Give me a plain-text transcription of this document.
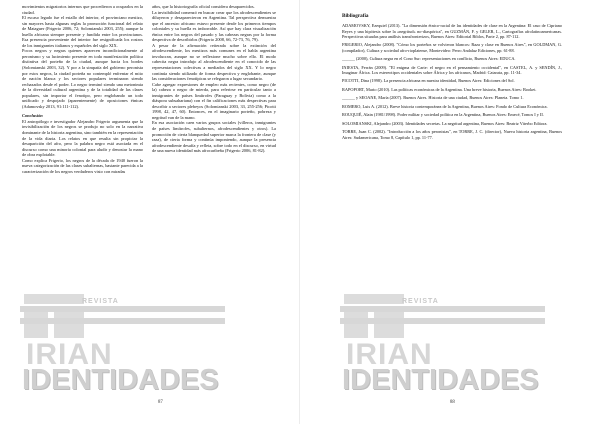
REVISTA
IRIAN
IDENTIDADES

movimientos migratorios internos que procedieron a ocuparlos en la ciudad.

El escaso legado fue el estallo del interior, el provinciano mestizo, sin mayores hasta algunas reglas la promoción funcional del relato de Mataguer (Frigerio 2006, 72; Solomianski 2003, 255); aunque la huella africana siempre presente y fundida entre los provincianos. Esa presencia proveniente del interior fue resignificada los rostros de los inmigrantes italianos y españoles del siglo XIX.

Pocos negros y negras quienes aparecen incondicionalmente al peronismo y su lucimiento presente en toda manifestación política distintiva del porteño de la ciudad, aunque hacia los bordes (Solomianski 2003, 32). Y por a la simpatía del gobierno peronista por estos negros, la ciudad porteña no contempló enfrentar el mito de nación blanca y los sectores populares terminaron siendo rechazados desde el poder. Lo negro terminó siendo una metonimia de la diversidad cultural argentina y de la totalidad de las clases populares, sin importar el fenotipo, pero englobando un todo unificado y despojado (aparentemente) de oposiciones étnicas (Adamovsky 2013, 91:111-112).

Conclusión

El antropólogo e investigador Alejandro Frigerio argumenta que la invisibilización de los negros se produjo no solo en la narrativa dominante de la historia argentina, sino también en la representación de la vida diaria. Los relatos en que resulta sin propiciar la desaparición del afro, pero la palabra negro está asociada en el discurso como una minoría colonial para aludir y denostar la mano de obra explotable.

Como explica Frigerio, los negros de la década de 1940 fueron la nueva categorización de las clases subalternas, bastante parecida a la caracterización de los negros verdaderos visto con miradas

años, que la historiografía oficial considera desaparecidos.

La invisibilidad comenzó en buscar crear que los afrodescendientes se diluyeron y desaparecieron en Argentina. Tal perspectiva demuestra que el ancestro africano estuvo presente desde los primeros tiempos coloniales y su huella es imborrable. Así que hay clara visualización étnica entre los negros del pasado y las cabezas negras por la forma despectiva de describirlos (Frigerio 2008, 66, 72-73, 76, 79).

A pesar de la afirmación reiterada sobre la extinción del afrodescendiente, los mestizos más comunes en el habla argentina involucran, aunque no se reflexione mucho sobre ello. El modo cabecita negra introdujo al afrodescendiente en el conocido de las representaciones colectivas a mediados del siglo XX. Y lo negro continúa siendo utilizado de forma despectiva y englobante, aunque las consideraciones fenotípicas se relegaron a lugar secundario.

Cabe agregar expresiones de empleo más recientes, como negro (de la) cabeza o negro de mierda, para referirse en particular tanto a inmigrantes de países limítrofes (Paraguay y Bolivia) como a la diáspora subsahariana) con el fin calificaciones más despectivas para describir a sectores plebeyos (Solomianski 2003, 33, 255-256; Picotti 1998, 42, 47, 60). Entonces, en el imaginario porteño, pobreza y negritud van de la mano.

En esa asociación caen varios grupos sociales (villeros, inmigrantes de países limítrofes, subalternos, afrodescendientes y otros). La promoción de cierta blanquedad superior marca la frontera de clase (y raza), de cierta forma y continúa imponiendo, aunque la presencia afrodescendiente desafía y refleta, sobre todo en el discurso, en virtud de una nueva identidad más afrocaribeña (Frigerio 2006, 81-82).

87	88
REVISTA
IRIAN
IDENTIDADES
Bibliografía
ADAMOVSKY, Ezequiel (2013). "La dimensión étnico-racial de las identidades de clase en la Argentina: El caso de Cipriano Reyes y una hipótesis sobre la «negritud» no-diaspórica", en GUZMÁN, F. y GELER, L., Cartografías afrolatinoamericanas. Perspectivas situadas para análisis transfronterizos, Buenos Aires: Editorial Biblos, Parte 2, pp. 87-112.
FRIGERIO, Alejandro (2008). "Cómo los porteños se volvieron blancos: Raza y clase en Buenos Aires", en GOLDMAN, G. (compilador), Cultura y sociedad afro-rioplatense, Montevideo: Perro Andaluz Ediciones, pp. 61-88.
______ (2000), Cultura negra en el Cono Sur: representaciones en conflicto, Buenos Aires: EDUCA.
INIESTA, Ferrán (2009). "El enigma de Carte: el negro en el pensamiento occidental", en CASTEL, A. y SENDÍN, J., Imaginar África. Los estereotipos occidentales sobre África y los africanos, Madrid: Catarata, pp. 11-34.
PICOTTI, Dina (1998). La presencia africana en nuestra identidad, Buenos Aires: Ediciones del Sol.
RAPOPORT, Mario (2010). Las políticas económicas de la Argentina. Una breve historia, Buenos Aires: Booket.
______ y SEOANE, María (2007). Buenos Aires. Historia de una ciudad, Buenos Aires: Planeta. Tomo 1.
ROMERO, Luis A. (2012). Breve historia contemporánea de la Argentina, Buenos Aires: Fondo de Cultura Económica.
ROUQUIÉ, Alain (1981/1998). Poder militar y sociedad política en la Argentina, Buenos Aires: Emecé, Tomos I y II.
SOLOMIANSKI, Alejandro (2003). Identidades secretas. La negritud argentina, Buenos Aires: Beatriz Viterbo Editora.
TORRE, Juan C. (2002). "Introducción a los años peronistas", en TORRE, J. C. (director), Nueva historia argentina, Buenos Aires: Sudamericana, Tomo 8, Capítulo 1, pp. 11-77.
